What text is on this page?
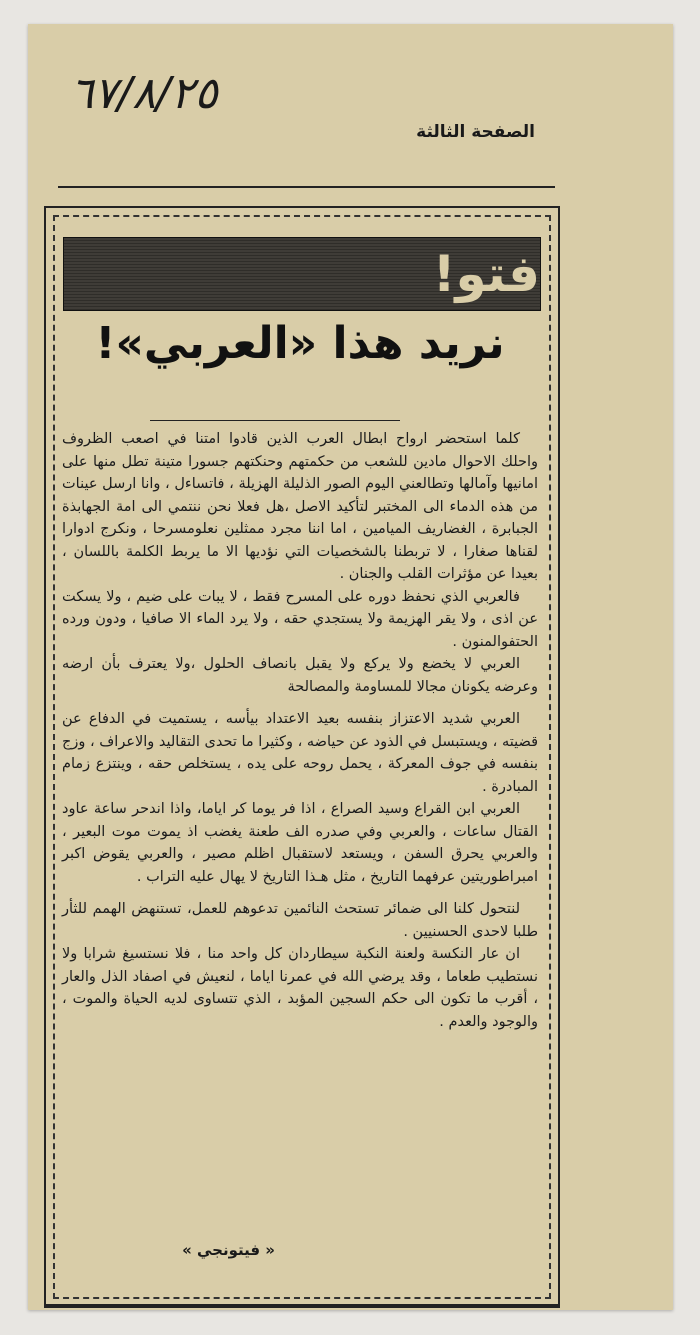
٦٧/٨/٢٥
الصفحة الثالثة
فتو!
نريد هذا «العربي»!

كلما استحضر ارواح ابطال العرب الذين قادوا امتنا في اصعب الظروف واحلك الاحوال مادين للشعب من حكمتهم وحنكتهم جسورا متينة تطل منها على امانيها وآمالها وتطالعني اليوم الصور الذليلة الهزيلة ، فاتساءل ، وانا ارسل عينات من هذه الدماء الى المختبر لتأكيد الاصل ،هل فعلا نحن ننتمي الى امة الجهابذة الجبابرة ، الغضاريف الميامين ، اما اننا مجرد ممثلين نعلومسرحا ، ونكرج ادوارا لقناها صغارا ، لا تربطنا بالشخصيات التي نؤديها الا ما يربط الكلمة باللسان ، بعيدا عن مؤثرات القلب والجنان .

فالعربي الذي نحفظ دوره على المسرح فقط ، لا يبات على ضيم ، ولا يسكت عن اذى ، ولا يقر الهزيمة ولا يستجدي حقه ، ولا يرد الماء الا صافيا ، ودون ورده الحتفوالمنون .

العربي لا يخضع ولا يركع ولا يقبل بانصاف الحلول ،ولا يعترف بأن ارضه وعرضه يكونان مجالا للمساومة والمصالحة

العربي شديد الاعتزاز بنفسه بعيد الاعتداد بيأسه ، يستميت في الدفاع عن قضيته ، ويستبسل في الذود عن حياضه ، وكثيرا ما تحدى التقاليد والاعراف ، وزج بنفسه في جوف المعركة ، يحمل روحه على يده ، يستخلص حقه ، وينتزع زمام المبادرة .

العربي ابن القراع وسيد الصراع ، اذا فر يوما كر اياما، واذا اندحر ساعة عاود القتال ساعات ، والعربي وفي صدره الف طعنة يغضب اذ يموت موت البعير ، والعربي يحرق السفن ، ويستعد لاستقبال اظلم مصير ، والعربي يقوض اكبر امبراطوريتين عرفهما التاريخ ، مثل هـذا التاريخ لا يهال عليه التراب .

لنتحول كلنا الى ضمائر تستحث النائمين تدعوهم للعمل، تستنهض الهمم للثأر طلبا لاحدى الحسنيين .

ان عار النكسة ولعنة النكبة سيطاردان كل واحد منا ، فلا نستسيغ شرابا ولا نستطيب طعاما ، وقد يرضي الله في عمرنا اياما ، لنعيش في اصفاد الذل والعار ، أقرب ما تكون الى حكم السجين المؤبد ، الذي تتساوى لديه الحياة والموت ، والوجود والعدم .

« فيتونجي »
